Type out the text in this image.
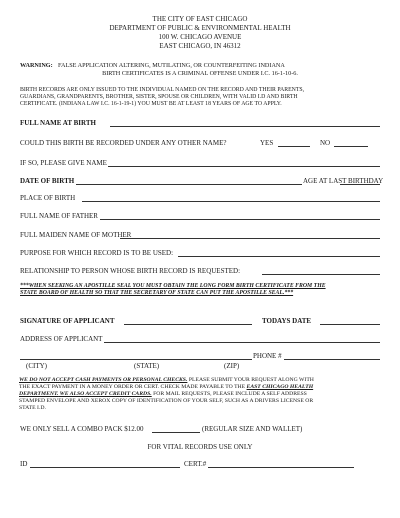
THE CITY OF EAST CHICAGO
DEPARTMENT OF PUBLIC & ENVIRONMENTAL HEALTH
100 W. CHICAGO AVENUE
EAST CHICAGO, IN 46312
WARNING: FALSE APPLICATION ALTERING, MUTILATING, OR COUNTERFEITING INDIANA
BIRTH CERTIFICATES IS A CRIMINAL OFFENSE UNDER I.C. 16-1-10-6.
BIRTH RECORDS ARE ONLY ISSUED TO THE INDIVIDUAL NAMED ON THE RECORD AND THEIR PARENTS,
GUARDIANS, GRANDPARENTS, BROTHER, SISTER, SPOUSE OR CHILDREN, WITH VALID I.D AND BIRTH
CERTIFICATE. (INDIANA LAW I.C. 16-1-19-1) YOU MUST BE AT LEAST 18 YEARS OF AGE TO APPLY.
FULL NAME AT BIRTH
COULD THIS BIRTH BE RECORDED UNDER ANY OTHER NAME?	YES	NO
IF SO, PLEASE GIVE NAME
DATE OF BIRTH	AGE AT LAST BIRTHDAY
PLACE OF BIRTH
FULL NAME OF FATHER
FULL MAIDEN NAME OF MOTHER
PURPOSE FOR WHICH RECORD IS TO BE USED:
RELATIONSHIP TO PERSON WHOSE BIRTH RECORD IS REQUESTED:
***WHEN SEEKING AN APOSTILLE SEAL YOU MUST OBTAIN THE LONG FORM BIRTH CERTIFICATE FROM THE
STATE BOARD OF HEALTH SO THAT THE SECRETARY OF STATE CAN PUT THE APOSTILLE SEAL.***
SIGNATURE OF APPLICANT	TODAYS DATE
ADDRESS OF APPLICANT
PHONE #
(CITY)	(STATE)	(ZIP)
WE DO NOT ACCEPT CASH PAYMENTS OR PERSONAL CHECKS. PLEASE SUBMIT YOUR REQUEST ALONG WITH
THE EXACT PAYMENT IN A MONEY ORDER OR CERT. CHECK MADE PAYABLE TO THE EAST CHICAGO HEALTH
DEPARTMENT. WE ALSO ACCEPT CREDIT CARDS. FOR MAIL REQUESTS, PLEASE INCLUDE A SELF ADDRESS
STAMPED ENVELOPE AND XEROX COPY OF IDENTIFICATION OF YOUR SELF, SUCH AS A DRIVERS LICENSE OR
STATE I.D.
WE ONLY SELL A COMBO PACK $12.00	(REGULAR SIZE AND WALLET)
FOR VITAL RECORDS USE ONLY
ID	CERT.#
